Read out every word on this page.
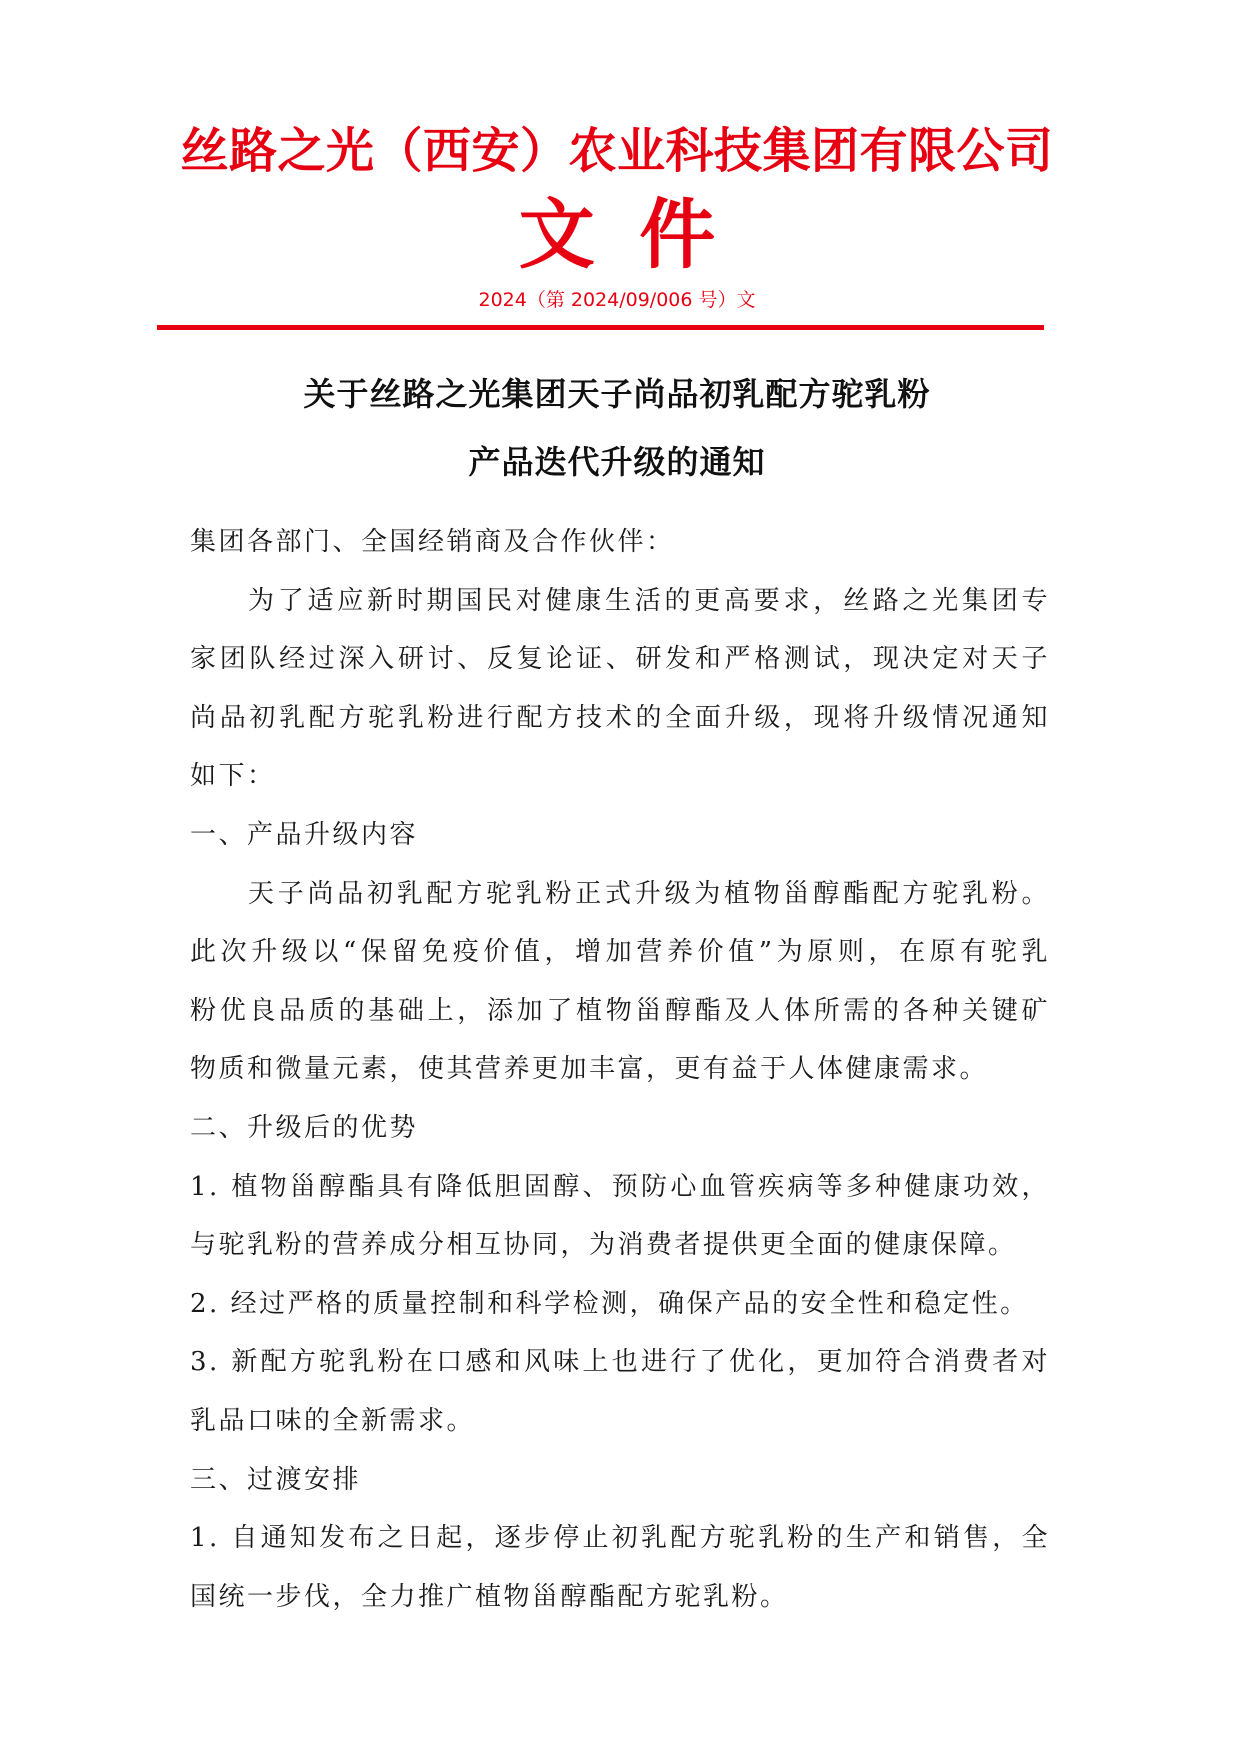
丝路之光（西安）农业科技集团有限公司
文 件
2024（第 2024/09/006 号）文
关于丝路之光集团天子尚品初乳配方驼乳粉
产品迭代升级的通知
集团各部门、全国经销商及合作伙伴：
为了适应新时期国民对健康生活的更高要求，丝路之光集团专
家团队经过深入研讨、反复论证、研发和严格测试，现决定对天子
尚品初乳配方驼乳粉进行配方技术的全面升级，现将升级情况通知
如下：
一、产品升级内容
天子尚品初乳配方驼乳粉正式升级为植物甾醇酯配方驼乳粉。
此次升级以“保留免疫价值，增加营养价值”为原则，在原有驼乳
粉优良品质的基础上，添加了植物甾醇酯及人体所需的各种关键矿
物质和微量元素，使其营养更加丰富，更有益于人体健康需求。
二、升级后的优势
1. 植物甾醇酯具有降低胆固醇、预防心血管疾病等多种健康功效，
与驼乳粉的营养成分相互协同，为消费者提供更全面的健康保障。
2. 经过严格的质量控制和科学检测，确保产品的安全性和稳定性。
3. 新配方驼乳粉在口感和风味上也进行了优化，更加符合消费者对
乳品口味的全新需求。
三、过渡安排
1. 自通知发布之日起，逐步停止初乳配方驼乳粉的生产和销售，全
国统一步伐，全力推广植物甾醇酯配方驼乳粉。
